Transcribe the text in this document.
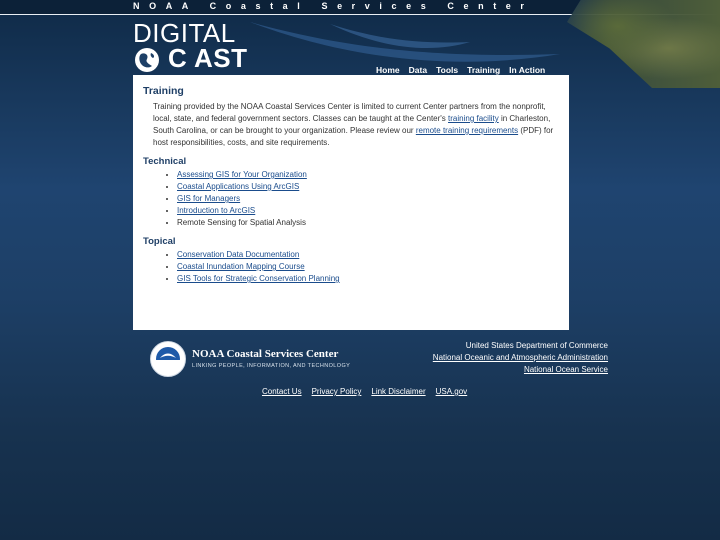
NOAA Coastal Services Center
DIGITAL
C AST	Home Data Tools Training In Action
Training

Training provided by the NOAA Coastal Services Center is limited to current Center partners from the nonprofit, local, state, and federal government sectors. Classes can be taught at the Center's training facility in Charleston, South Carolina, or can be brought to your organization. Please review our remote training requirements (PDF) for host responsibilities, costs, and site requirements.

Technical
• Assessing GIS for Your Organization
• Coastal Applications Using ArcGIS
• GIS for Managers
• Introduction to ArcGIS
• Remote Sensing for Spatial Analysis
Topical
• Conservation Data Documentation
• Coastal Inundation Mapping Course
• GIS Tools for Strategic Conservation Planning
NOAA Coastal Services Center
LINKING PEOPLE, INFORMATION, AND TECHNOLOGY
United States Department of Commerce
National Oceanic and Atmospheric Administration
National Ocean Service
Contact Us Privacy Policy Link Disclaimer USA.gov
